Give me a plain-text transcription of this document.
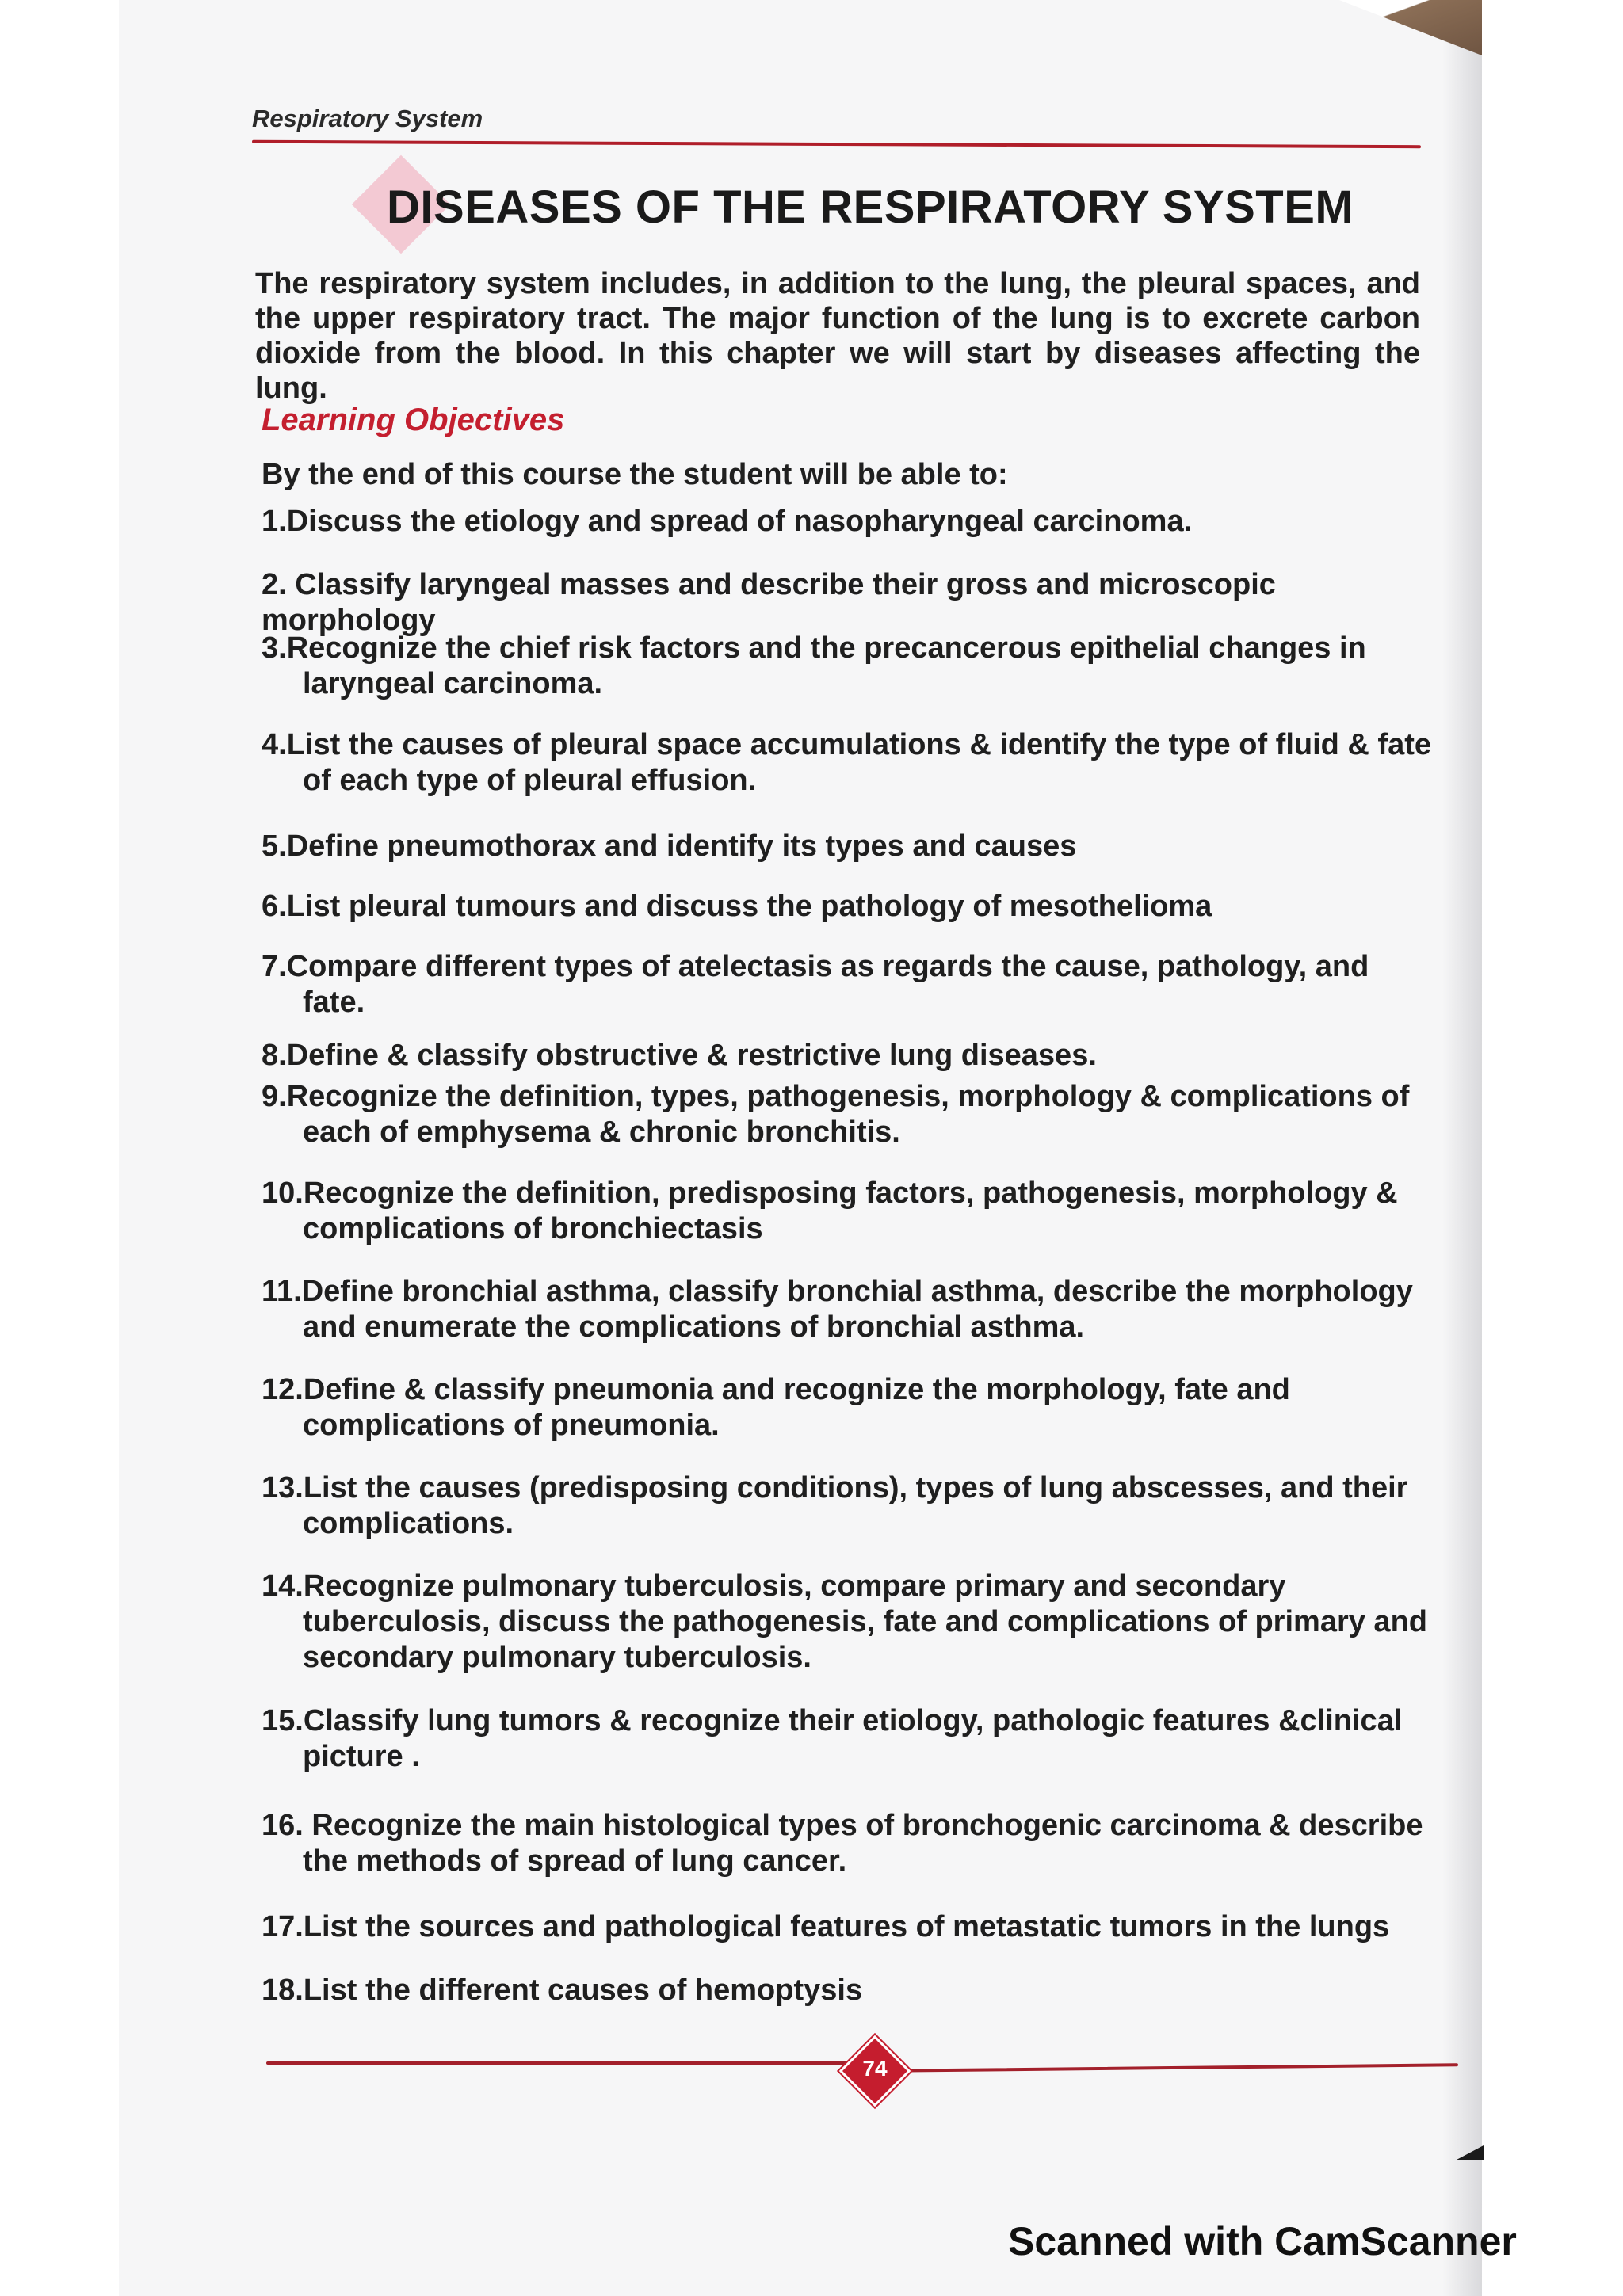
Respiratory System
DISEASES OF THE RESPIRATORY SYSTEM
The respiratory system includes, in addition to the lung, the pleural spaces, and the upper respiratory tract. The major function of the lung is to excrete carbon dioxide from the blood. In this chapter we will start by diseases affecting the lung.
Learning Objectives
By the end of this course the student will be able to:
1.Discuss the etiology and spread of nasopharyngeal carcinoma.
2. Classify laryngeal masses and describe their gross and microscopic morphology
3.Recognize the chief risk factors and the precancerous epithelial changes in
laryngeal carcinoma.
4.List the causes of pleural space accumulations & identify the type of fluid & fate
of each type of pleural effusion.
5.Define pneumothorax and identify its types and causes
6.List pleural tumours and discuss the pathology of mesothelioma
7.Compare different types of atelectasis as regards the cause, pathology, and
fate.
8.Define & classify obstructive & restrictive lung diseases.
9.Recognize the definition, types, pathogenesis, morphology & complications of
each of emphysema & chronic bronchitis.
10.Recognize the definition, predisposing factors, pathogenesis, morphology &
complications of bronchiectasis
11.Define bronchial asthma, classify bronchial asthma, describe the morphology
and enumerate the complications of bronchial asthma.
12.Define & classify pneumonia and recognize the morphology, fate and
complications of pneumonia.
13.List the causes (predisposing conditions), types of lung abscesses, and their
complications.
14.Recognize pulmonary tuberculosis, compare primary and secondary
tuberculosis, discuss the pathogenesis, fate and complications of primary and secondary pulmonary tuberculosis.
15.Classify lung tumors & recognize their etiology, pathologic features &clinical
picture .
16. Recognize the main histological types of bronchogenic carcinoma & describe
the methods of spread of lung cancer.
17.List the sources and pathological features of metastatic tumors in the lungs
18.List the different causes of hemoptysis
74
Scanned with CamScanner
